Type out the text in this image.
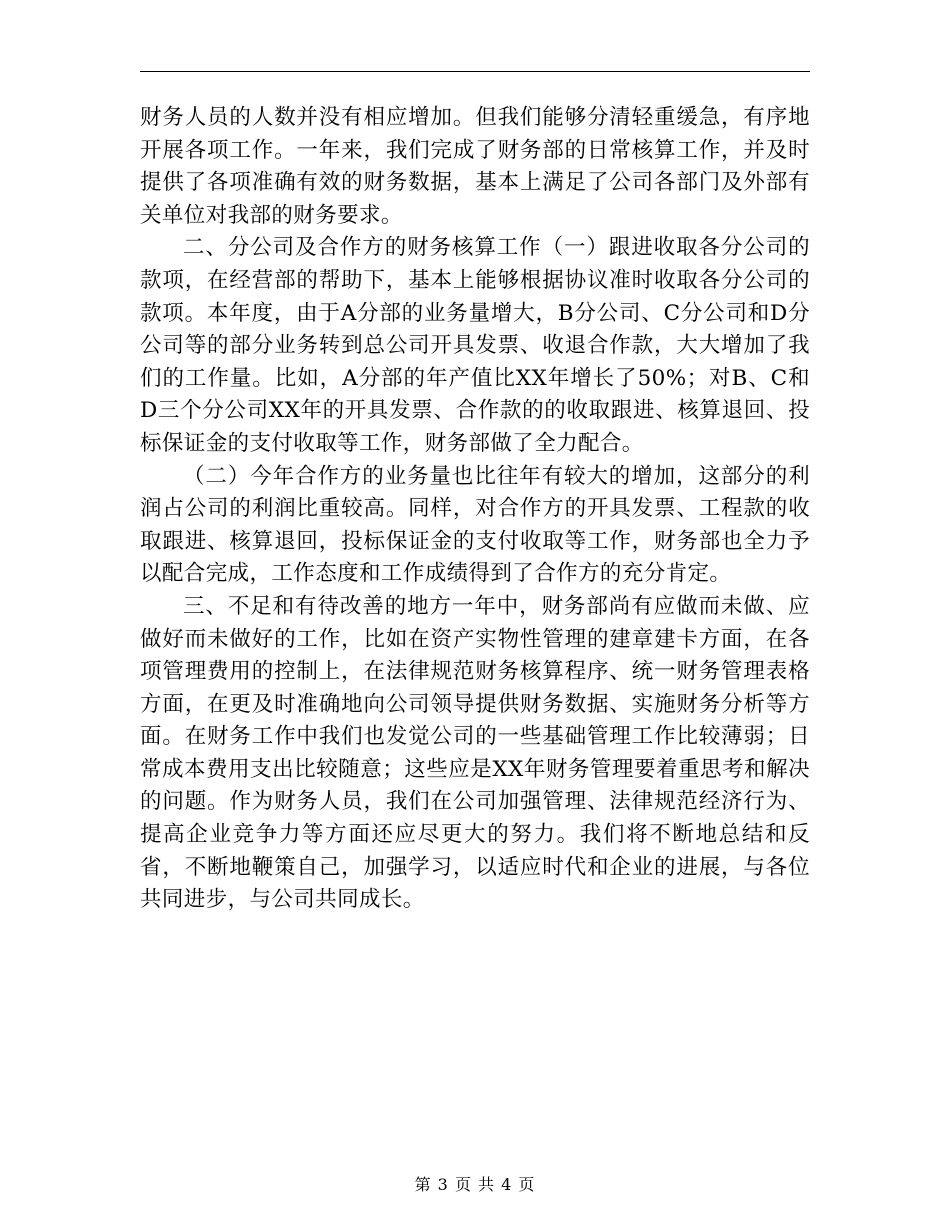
财务人员的人数并没有相应增加。但我们能够分清轻重缓急，有序地开展各项工作。一年来，我们完成了财务部的日常核算工作，并及时提供了各项准确有效的财务数据，基本上满足了公司各部门及外部有关单位对我部的财务要求。

二、分公司及合作方的财务核算工作（一）跟进收取各分公司的款项，在经营部的帮助下，基本上能够根据协议准时收取各分公司的款项。本年度，由于A分部的业务量增大，B分公司、C分公司和D分公司等的部分业务转到总公司开具发票、收退合作款，大大增加了我们的工作量。比如，A分部的年产值比XX年增长了50%；对B、C和D三个分公司XX年的开具发票、合作款的的收取跟进、核算退回、投标保证金的支付收取等工作，财务部做了全力配合。

（二）今年合作方的业务量也比往年有较大的增加，这部分的利润占公司的利润比重较高。同样，对合作方的开具发票、工程款的收取跟进、核算退回，投标保证金的支付收取等工作，财务部也全力予以配合完成，工作态度和工作成绩得到了合作方的充分肯定。

三、不足和有待改善的地方一年中，财务部尚有应做而未做、应做好而未做好的工作，比如在资产实物性管理的建章建卡方面，在各项管理费用的控制上，在法律规范财务核算程序、统一财务管理表格方面，在更及时准确地向公司领导提供财务数据、实施财务分析等方面。在财务工作中我们也发觉公司的一些基础管理工作比较薄弱；日常成本费用支出比较随意；这些应是XX年财务管理要着重思考和解决的问题。作为财务人员，我们在公司加强管理、法律规范经济行为、提高企业竞争力等方面还应尽更大的努力。我们将不断地总结和反省，不断地鞭策自己，加强学习，以适应时代和企业的进展，与各位共同进步，与公司共同成长。

第 3 页 共 4 页
